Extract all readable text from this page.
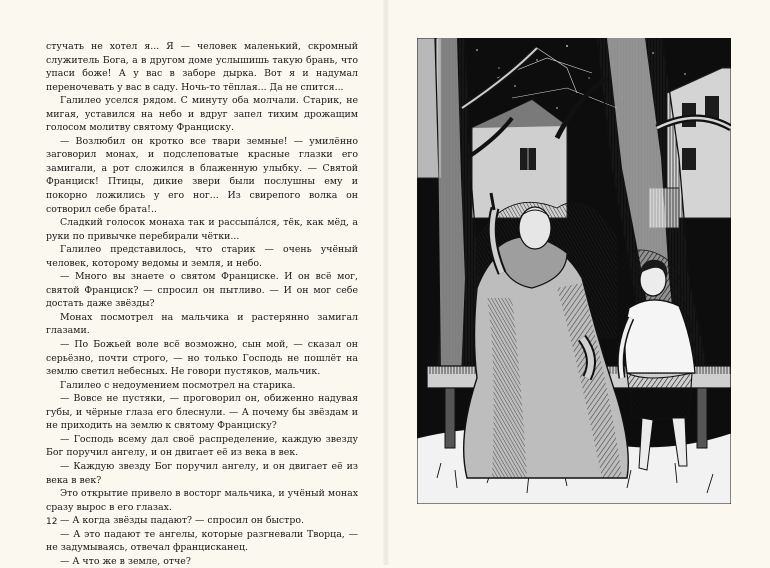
стучать не хотел я... Я — человек маленький, скромный служитель Бога, а в другом доме услышишь такую брань, что упаси боже! А у вас в заборе дырка. Вот я и надумал переночевать у вас в саду. Ночь-то тёплая... Да не спится...

Галилео уселся рядом. С минуту оба молчали. Старик, не мигая, уставился на небо и вдруг запел тихим дрожащим голосом молитву святому Франциску.

— Возлюбил он кротко все твари земные! — умилённо заговорил монах, и подслеповатые красные глазки его замигали, а рот сложился в блаженную улыбку. — Святой Франциск! Птицы, дикие звери были послушны ему и покорно ложились у его ног... Из свирепого волка он сотворил себе брата!..

Сладкий голосок монаха так и рассыпа́лся, тёк, как мёд, а руки по привычке перебирали чётки...

Галилео представилось, что старик — очень учёный человек, которому ведомы и земля, и небо.

— Много вы знаете о святом Франциске. И он всё мог, святой Франциск? — спросил он пытливо. — И он мог себе достать даже звёзды?

Монах посмотрел на мальчика и растерянно замигал глазами.

— По Божьей воле всё возможно, сын мой, — сказал он серьёзно, почти строго, — но только Господь не пошлёт на землю светил небесных. Не говори пустяков, мальчик.

Галилео с недоумением посмотрел на старика.

— Вовсе не пустяки, — проговорил он, обиженно надувая губы, и чёрные глаза его блеснули. — А почему бы звёздам и не приходить на землю к святому Франциску?

— Господь всему дал своё распределение, каждую звезду Бог поручил ангелу, и он двигает её из века в век.

— Каждую звезду Бог поручил ангелу, и он двигает её из века в век?

Это открытие привело в восторг мальчика, и учёный монах сразу вырос в его глазах.

— А когда звёзды падают? — спросил он быстро.

— А это падают те ангелы, которые разгневали Творца, — не задумываясь, отвечал францисканец.

— А что же в земле, отче?

12
